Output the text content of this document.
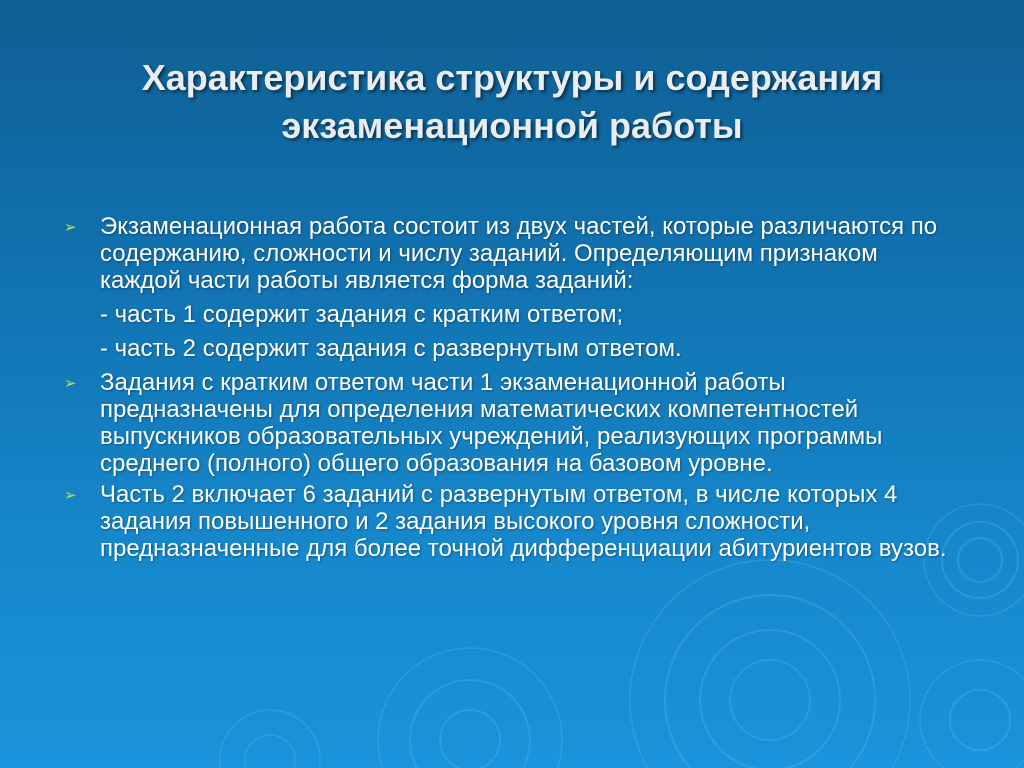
Характеристика структуры и содержания экзаменационной работы
➢ Экзаменационная работа состоит из двух частей, которые различаются по содержанию, сложности и числу заданий. Определяющим признаком каждой части работы является форма заданий:
- часть 1 содержит задания с кратким ответом;
- часть 2 содержит задания с развернутым ответом.
➢ Задания с кратким ответом части 1 экзаменационной работы предназначены для определения математических компетентностей выпускников образовательных учреждений, реализующих программы среднего (полного) общего образования на базовом уровне.
➢ Часть 2 включает 6 заданий с развернутым ответом, в числе которых 4 задания повышенного и 2 задания высокого уровня сложности, предназначенные для более точной дифференциации абитуриентов вузов.
